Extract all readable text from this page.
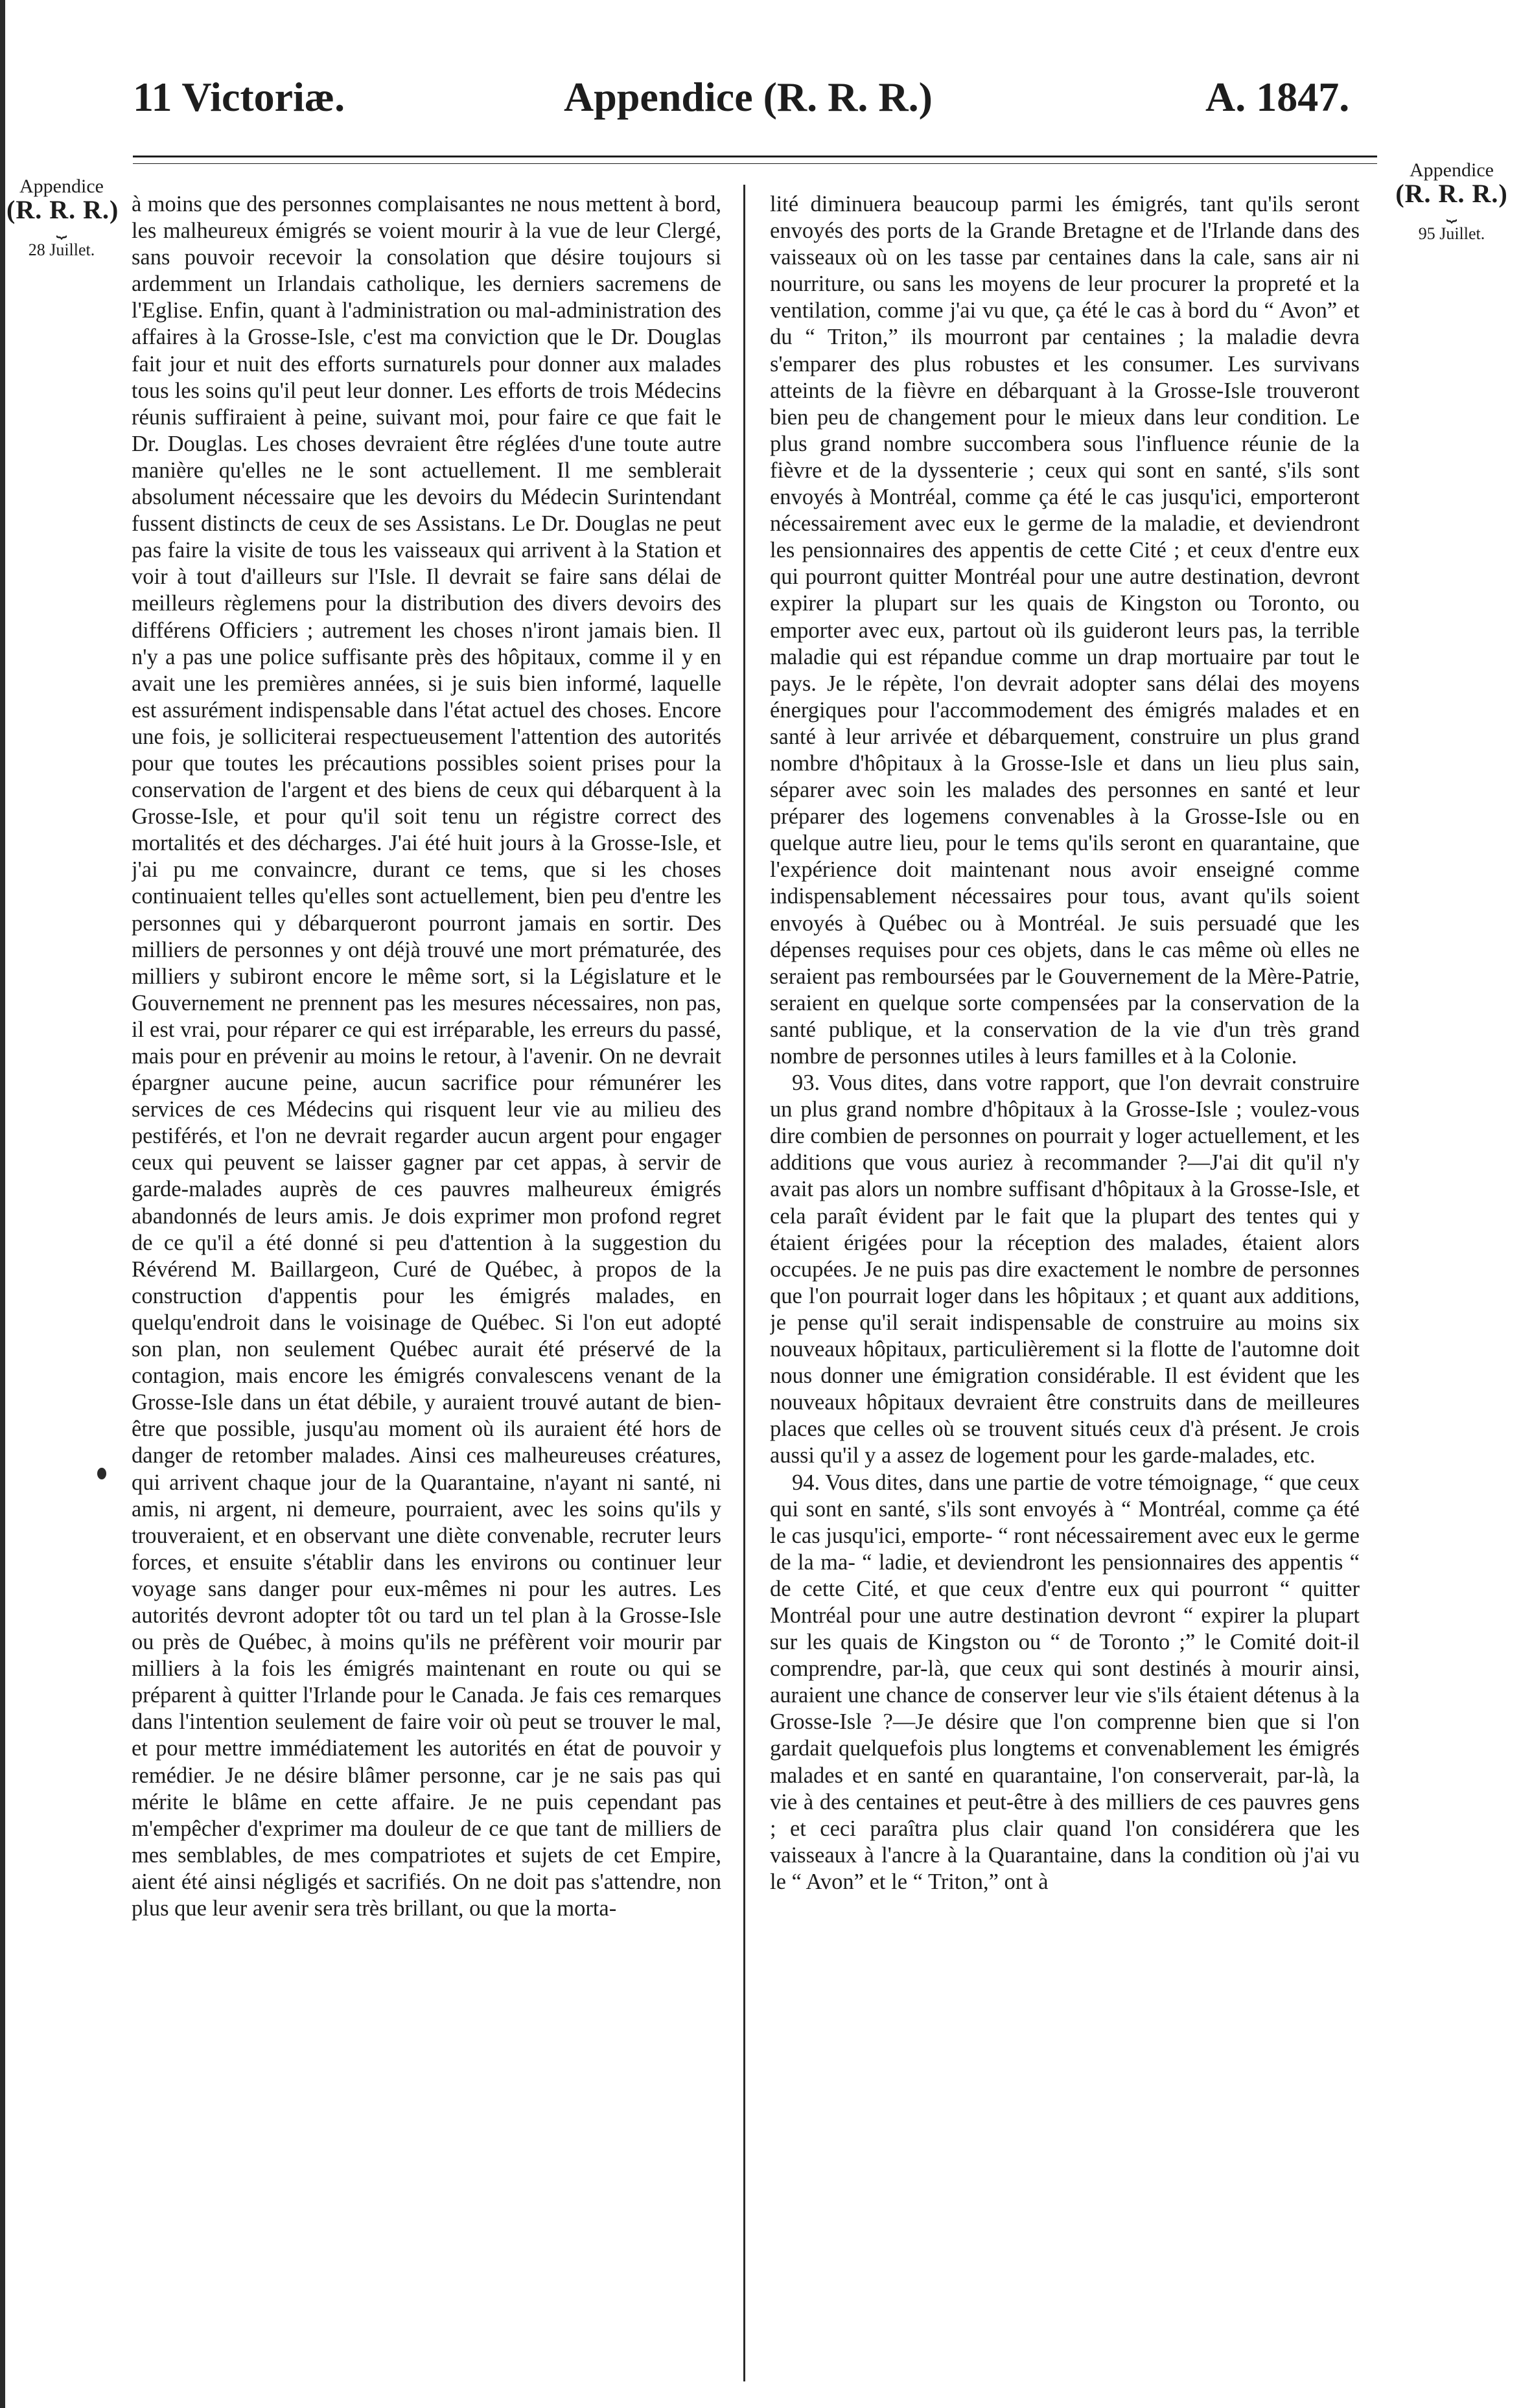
11 Victoriæ.	Appendice (R. R. R.)	A. 1847.
Appendice
(R. R. R.)
⏟
28 Juillet.
Appendice
(R. R. R.)
⏟
95 Juillet.

à moins que des personnes complaisantes ne nous mettent à bord, les malheureux émigrés se voient mourir à la vue de leur Clergé, sans pouvoir recevoir la consolation que désire toujours si ardemment un Irlandais catholique, les derniers sacremens de l'Eglise. Enfin, quant à l'administration ou mal-administration des affaires à la Grosse-Isle, c'est ma conviction que le Dr. Douglas fait jour et nuit des efforts surnaturels pour donner aux malades tous les soins qu'il peut leur donner. Les efforts de trois Médecins réunis suffiraient à peine, suivant moi, pour faire ce que fait le Dr. Douglas. Les choses devraient être réglées d'une toute autre manière qu'elles ne le sont actuellement. Il me semblerait absolument nécessaire que les devoirs du Médecin Surintendant fussent distincts de ceux de ses Assistans. Le Dr. Douglas ne peut pas faire la visite de tous les vaisseaux qui arrivent à la Station et voir à tout d'ailleurs sur l'Isle. Il devrait se faire sans délai de meilleurs règlemens pour la distribution des divers devoirs des différens Officiers ; autrement les choses n'iront jamais bien. Il n'y a pas une police suffisante près des hôpitaux, comme il y en avait une les premières années, si je suis bien informé, laquelle est assurément indispensable dans l'état actuel des choses. Encore une fois, je solliciterai respectueusement l'attention des autorités pour que toutes les précautions possibles soient prises pour la conservation de l'argent et des biens de ceux qui débarquent à la Grosse-Isle, et pour qu'il soit tenu un régistre correct des mortalités et des décharges. J'ai été huit jours à la Grosse-Isle, et j'ai pu me convaincre, durant ce tems, que si les choses continuaient telles qu'elles sont actuellement, bien peu d'entre les personnes qui y débarqueront pourront jamais en sortir. Des milliers de personnes y ont déjà trouvé une mort prématurée, des milliers y subiront encore le même sort, si la Législature et le Gouvernement ne prennent pas les mesures nécessaires, non pas, il est vrai, pour réparer ce qui est irréparable, les erreurs du passé, mais pour en prévenir au moins le retour, à l'avenir. On ne devrait épargner aucune peine, aucun sacrifice pour rémunérer les services de ces Médecins qui risquent leur vie au milieu des pestiférés, et l'on ne devrait regarder aucun argent pour engager ceux qui peuvent se laisser gagner par cet appas, à servir de garde-malades auprès de ces pauvres malheureux émigrés abandonnés de leurs amis. Je dois exprimer mon profond regret de ce qu'il a été donné si peu d'attention à la suggestion du Révérend M. Baillargeon, Curé de Québec, à propos de la construction d'appentis pour les émigrés malades, en quelqu'endroit dans le voisinage de Québec. Si l'on eut adopté son plan, non seulement Québec aurait été préservé de la contagion, mais encore les émigrés convalescens venant de la Grosse-Isle dans un état débile, y auraient trouvé autant de bien-être que possible, jusqu'au moment où ils auraient été hors de danger de retomber malades. Ainsi ces malheureuses créatures, qui arrivent chaque jour de la Quarantaine, n'ayant ni santé, ni amis, ni argent, ni demeure, pourraient, avec les soins qu'ils y trouveraient, et en observant une diète convenable, recruter leurs forces, et ensuite s'établir dans les environs ou continuer leur voyage sans danger pour eux-mêmes ni pour les autres. Les autorités devront adopter tôt ou tard un tel plan à la Grosse-Isle ou près de Québec, à moins qu'ils ne préfèrent voir mourir par milliers à la fois les émigrés maintenant en route ou qui se préparent à quitter l'Irlande pour le Canada. Je fais ces remarques dans l'intention seulement de faire voir où peut se trouver le mal, et pour mettre immédiatement les autorités en état de pouvoir y remédier. Je ne désire blâmer personne, car je ne sais pas qui mérite le blâme en cette affaire. Je ne puis cependant pas m'empêcher d'exprimer ma douleur de ce que tant de milliers de mes semblables, de mes compatriotes et sujets de cet Empire, aient été ainsi négligés et sacrifiés. On ne doit pas s'attendre, non plus que leur avenir sera très brillant, ou que la morta-

lité diminuera beaucoup parmi les émigrés, tant qu'ils seront envoyés des ports de la Grande Bretagne et de l'Irlande dans des vaisseaux où on les tasse par centaines dans la cale, sans air ni nourriture, ou sans les moyens de leur procurer la propreté et la ventilation, comme j'ai vu que, ça été le cas à bord du “ Avon” et du “ Triton,” ils mourront par centaines ; la maladie devra s'emparer des plus robustes et les consumer. Les survivans atteints de la fièvre en débarquant à la Grosse-Isle trouveront bien peu de changement pour le mieux dans leur condition. Le plus grand nombre succombera sous l'influence réunie de la fièvre et de la dyssenterie ; ceux qui sont en santé, s'ils sont envoyés à Montréal, comme ça été le cas jusqu'ici, emporteront nécessairement avec eux le germe de la maladie, et deviendront les pensionnaires des appentis de cette Cité ; et ceux d'entre eux qui pourront quitter Montréal pour une autre destination, devront expirer la plupart sur les quais de Kingston ou Toronto, ou emporter avec eux, partout où ils guideront leurs pas, la terrible maladie qui est répandue comme un drap mortuaire par tout le pays. Je le répète, l'on devrait adopter sans délai des moyens énergiques pour l'accommodement des émigrés malades et en santé à leur arrivée et débarquement, construire un plus grand nombre d'hôpitaux à la Grosse-Isle et dans un lieu plus sain, séparer avec soin les malades des personnes en santé et leur préparer des logemens convenables à la Grosse-Isle ou en quelque autre lieu, pour le tems qu'ils seront en quarantaine, que l'expérience doit maintenant nous avoir enseigné comme indispensablement nécessaires pour tous, avant qu'ils soient envoyés à Québec ou à Montréal. Je suis persuadé que les dépenses requises pour ces objets, dans le cas même où elles ne seraient pas remboursées par le Gouvernement de la Mère-Patrie, seraient en quelque sorte compensées par la conservation de la santé publique, et la conservation de la vie d'un très grand nombre de personnes utiles à leurs familles et à la Colonie.

93. Vous dites, dans votre rapport, que l'on devrait construire un plus grand nombre d'hôpitaux à la Grosse-Isle ; voulez-vous dire combien de personnes on pourrait y loger actuellement, et les additions que vous auriez à recommander ?—J'ai dit qu'il n'y avait pas alors un nombre suffisant d'hôpitaux à la Grosse-Isle, et cela paraît évident par le fait que la plupart des tentes qui y étaient érigées pour la réception des malades, étaient alors occupées. Je ne puis pas dire exactement le nombre de personnes que l'on pourrait loger dans les hôpitaux ; et quant aux additions, je pense qu'il serait indispensable de construire au moins six nouveaux hôpitaux, particulièrement si la flotte de l'automne doit nous donner une émigration considérable. Il est évident que les nouveaux hôpitaux devraient être construits dans de meilleures places que celles où se trouvent situés ceux d'à présent. Je crois aussi qu'il y a assez de logement pour les garde-malades, etc.

94. Vous dites, dans une partie de votre témoignage, “ que ceux qui sont en santé, s'ils sont envoyés à “ Montréal, comme ça été le cas jusqu'ici, emporte- “ ront nécessairement avec eux le germe de la ma- “ ladie, et deviendront les pensionnaires des appentis “ de cette Cité, et que ceux d'entre eux qui pourront “ quitter Montréal pour une autre destination devront “ expirer la plupart sur les quais de Kingston ou “ de Toronto ;” le Comité doit-il comprendre, par-là, que ceux qui sont destinés à mourir ainsi, auraient une chance de conserver leur vie s'ils étaient détenus à la Grosse-Isle ?—Je désire que l'on comprenne bien que si l'on gardait quelquefois plus longtems et convenablement les émigrés malades et en santé en quarantaine, l'on conserverait, par-là, la vie à des centaines et peut-être à des milliers de ces pauvres gens ; et ceci paraîtra plus clair quand l'on considérera que les vaisseaux à l'ancre à la Quarantaine, dans la condition où j'ai vu le “ Avon” et le “ Triton,” ont à
